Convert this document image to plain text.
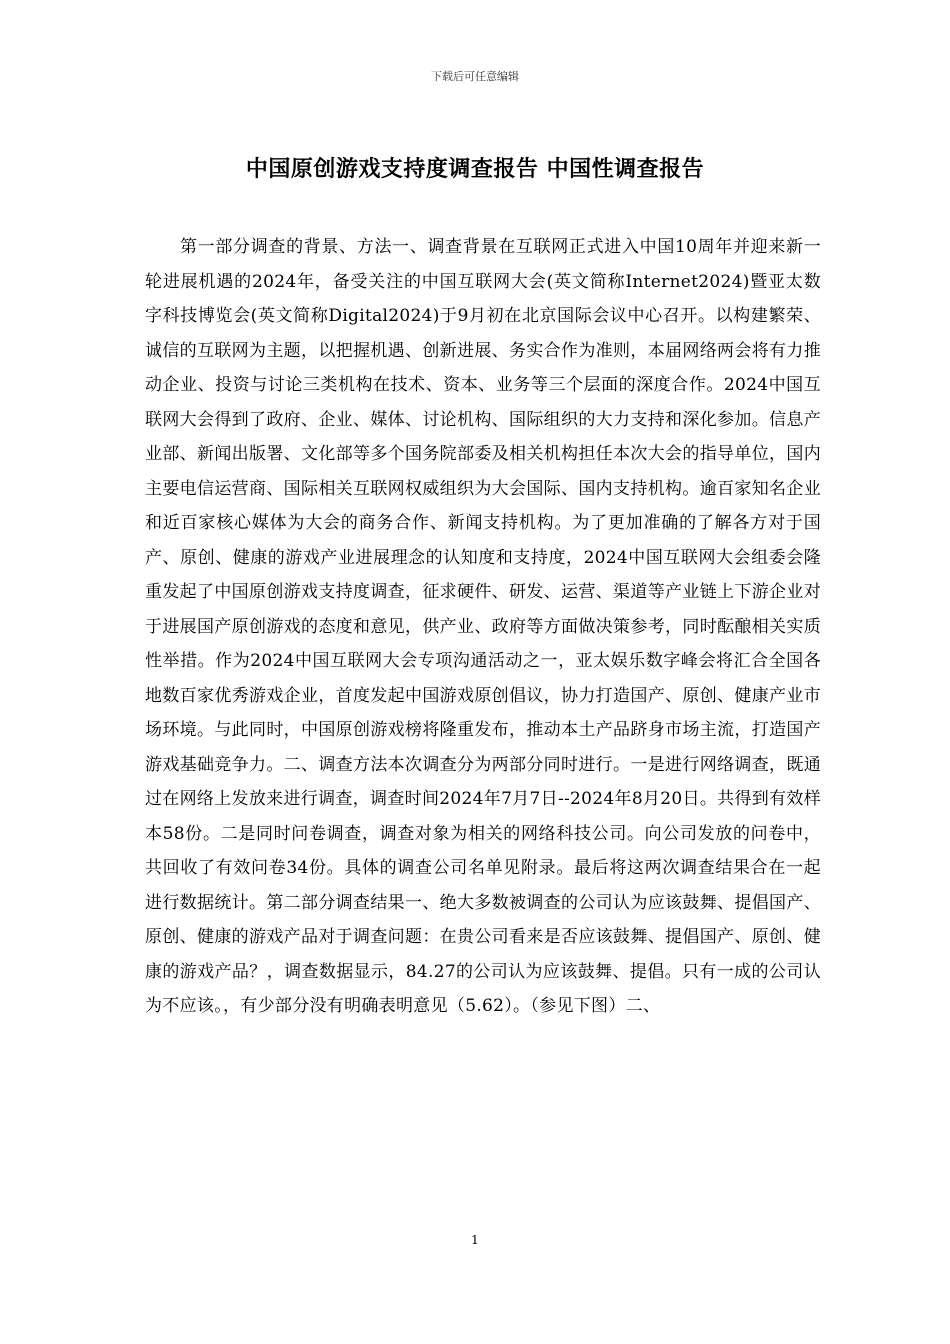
下载后可任意编辑
中国原创游戏支持度调查报告 中国性调查报告

第一部分调查的背景、方法一、调查背景在互联网正式进入中国10周年并迎来新一轮进展机遇的2024年，备受关注的中国互联网大会(英文简称Internet2024)暨亚太数字科技博览会(英文简称Digital2024)于9月初在北京国际会议中心召开。以构建繁荣、诚信的互联网为主题，以把握机遇、创新进展、务实合作为准则，本届网络两会将有力推动企业、投资与讨论三类机构在技术、资本、业务等三个层面的深度合作。2024中国互联网大会得到了政府、企业、媒体、讨论机构、国际组织的大力支持和深化参加。信息产业部、新闻出版署、文化部等多个国务院部委及相关机构担任本次大会的指导单位，国内主要电信运营商、国际相关互联网权威组织为大会国际、国内支持机构。逾百家知名企业和近百家核心媒体为大会的商务合作、新闻支持机构。为了更加准确的了解各方对于国产、原创、健康的游戏产业进展理念的认知度和支持度，2024中国互联网大会组委会隆重发起了中国原创游戏支持度调查，征求硬件、研发、运营、渠道等产业链上下游企业对于进展国产原创游戏的态度和意见，供产业、政府等方面做决策参考，同时酝酿相关实质性举措。作为2024中国互联网大会专项沟通活动之一，亚太娱乐数字峰会将汇合全国各地数百家优秀游戏企业，首度发起中国游戏原创倡议，协力打造国产、原创、健康产业市场环境。与此同时，中国原创游戏榜将隆重发布，推动本土产品跻身市场主流，打造国产游戏基础竞争力。二、调查方法本次调查分为两部分同时进行。一是进行网络调查，既通过在网络上发放来进行调查，调查时间2024年7月7日--2024年8月20日。共得到有效样本58份。二是同时问卷调查，调查对象为相关的网络科技公司。向公司发放的问卷中，共回收了有效问卷34份。具体的调查公司名单见附录。最后将这两次调查结果合在一起进行数据统计。第二部分调查结果一、绝大多数被调查的公司认为应该鼓舞、提倡国产、原创、健康的游戏产品对于调查问题：在贵公司看来是否应该鼓舞、提倡国产、原创、健康的游戏产品？，调查数据显示，84.27的公司认为应该鼓舞、提倡。只有一成的公司认为不应该。，有少部分没有明确表明意见（5.62）。（参见下图）二、

1
